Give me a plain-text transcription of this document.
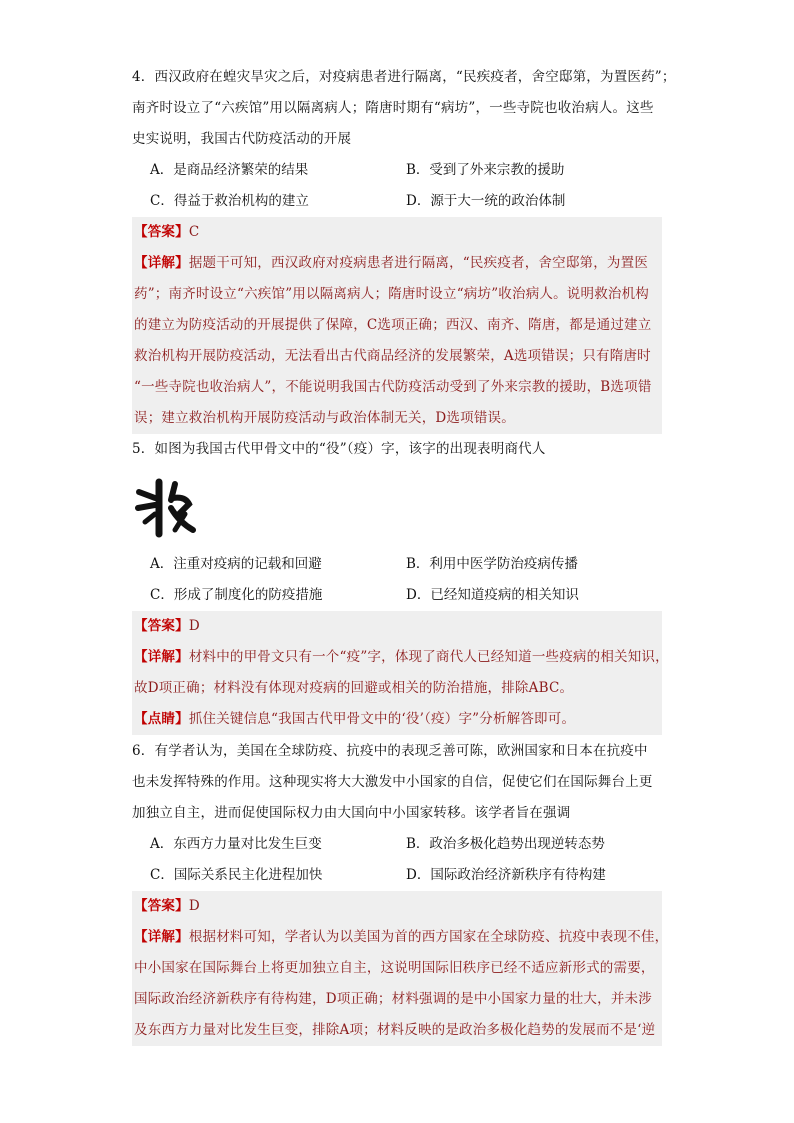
4．西汉政府在蝗灾旱灾之后，对疫病患者进行隔离，“民疾疫者，舍空邸第，为置医药”；
南齐时设立了“六疾馆”用以隔离病人；隋唐时期有“病坊”，一些寺院也收治病人。这些
史实说明，我国古代防疫活动的开展
A．是商品经济繁荣的结果	B．受到了外来宗教的援助
C．得益于救治机构的建立	D．源于大一统的政治体制
【答案】C
【详解】据题干可知，西汉政府对疫病患者进行隔离，“民疾疫者，舍空邸第，为置医
药”；南齐时设立“六疾馆”用以隔离病人；隋唐时设立“病坊”收治病人。说明救治机构
的建立为防疫活动的开展提供了保障，C选项正确；西汉、南齐、隋唐，都是通过建立
救治机构开展防疫活动，无法看出古代商品经济的发展繁荣，A选项错误；只有隋唐时
“一些寺院也收治病人”，不能说明我国古代防疫活动受到了外来宗教的援助，B选项错
误；建立救治机构开展防疫活动与政治体制无关，D选项错误。
5．如图为我国古代甲骨文中的“役”（疫）字，该字的出现表明商代人
A．注重对疫病的记载和回避	B．利用中医学防治疫病传播
C．形成了制度化的防疫措施	D．已经知道疫病的相关知识
【答案】D
【详解】材料中的甲骨文只有一个“疫”字，体现了商代人已经知道一些疫病的相关知识，
故D项正确；材料没有体现对疫病的回避或相关的防治措施，排除ABC。
【点睛】抓住关键信息“我国古代甲骨文中的‘役’（疫）字”分析解答即可。
6．有学者认为，美国在全球防疫、抗疫中的表现乏善可陈，欧洲国家和日本在抗疫中
也未发挥特殊的作用。这种现实将大大激发中小国家的自信，促使它们在国际舞台上更
加独立自主，进而促使国际权力由大国向中小国家转移。该学者旨在强调
A．东西方力量对比发生巨变	B．政治多极化趋势出现逆转态势
C．国际关系民主化进程加快	D．国际政治经济新秩序有待构建
【答案】D
【详解】根据材料可知，学者认为以美国为首的西方国家在全球防疫、抗疫中表现不佳，
中小国家在国际舞台上将更加独立自主，这说明国际旧秩序已经不适应新形式的需要，
国际政治经济新秩序有待构建，D项正确；材料强调的是中小国家力量的壮大，并未涉
及东西方力量对比发生巨变，排除A项；材料反映的是政治多极化趋势的发展而不是‘逆
